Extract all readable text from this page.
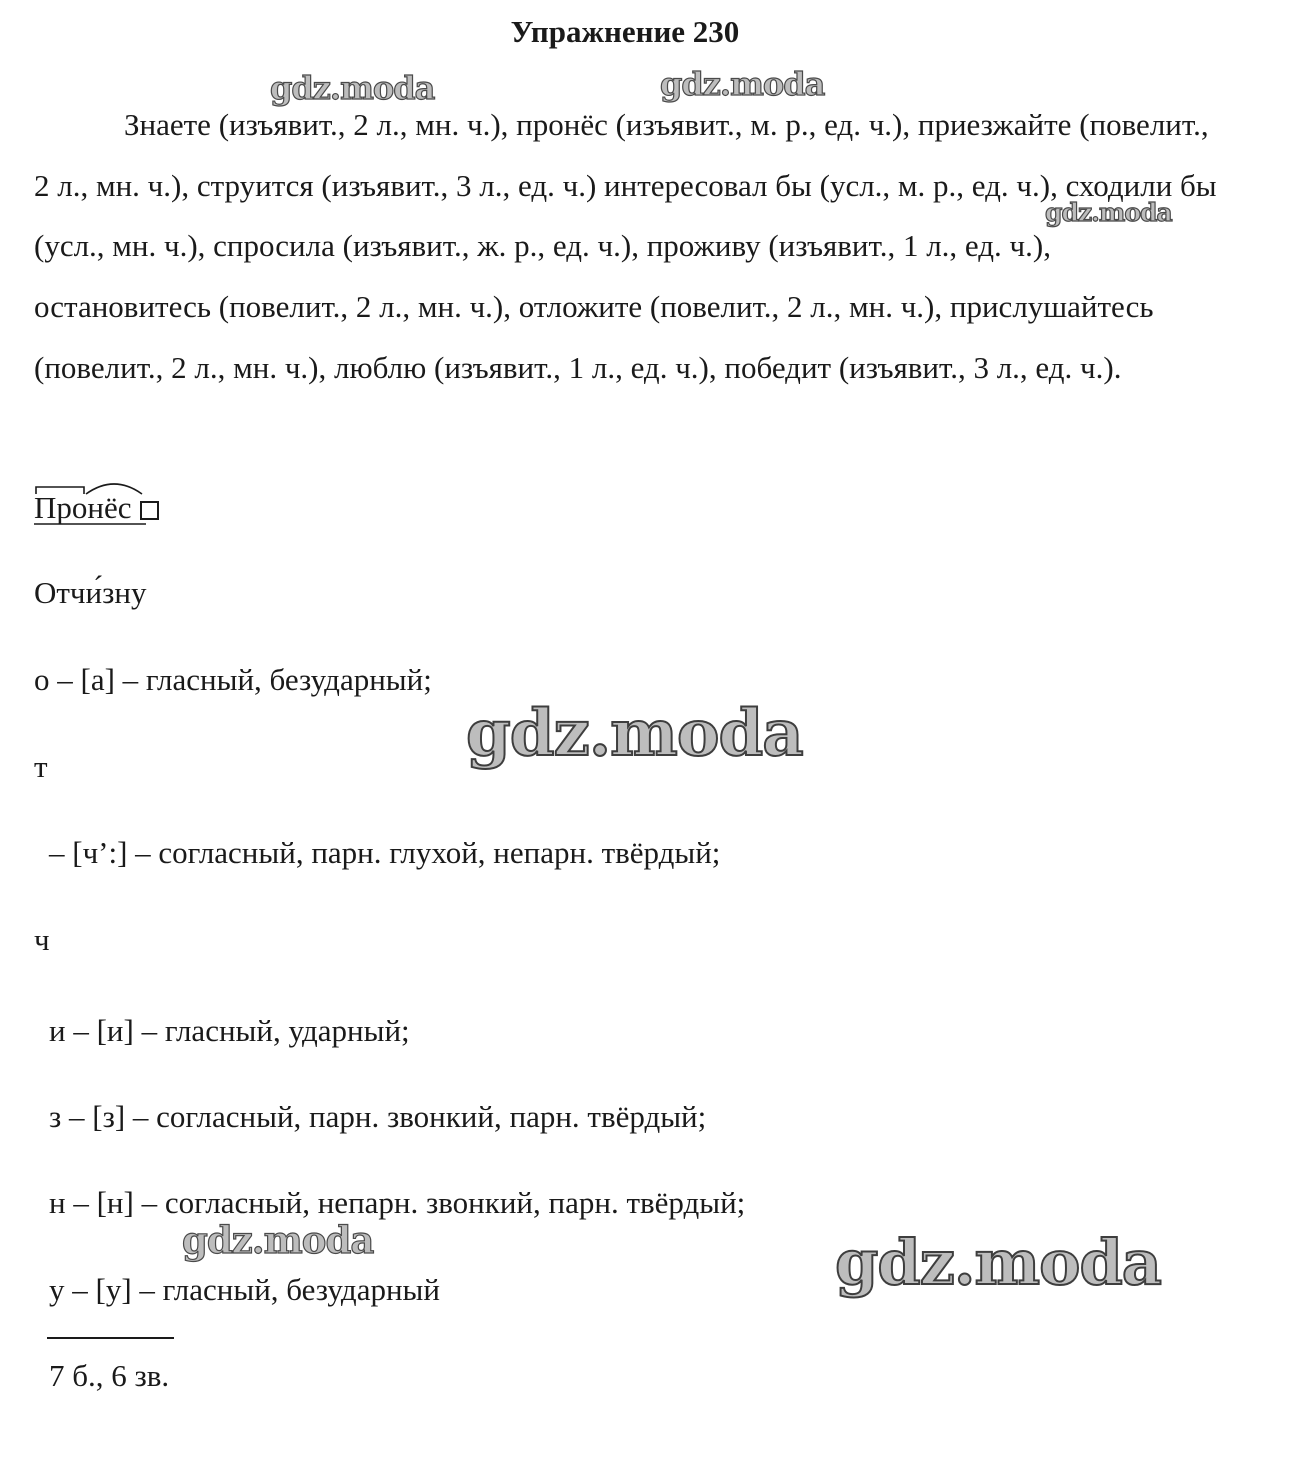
Упражнение 230

Знаете (изъявит., 2 л., мн. ч.), пронёс (изъявит., м. р., ед. ч.), приезжайте (повелит., 2 л., мн. ч.), струится (изъявит., 3 л., ед. ч.) интересовал бы (усл., м. р., ед. ч.), сходили бы (усл., мн. ч.), спросила (изъявит., ж. р., ед. ч.), проживу (изъявит., 1 л., ед. ч.), остановитесь (повелит., 2 л., мн. ч.), отложите (повелит., 2 л., мн. ч.), прислушайтесь (повелит., 2 л., мн. ч.), люблю (изъявит., 1 л., ед. ч.), победит (изъявит., 3 л., ед. ч.).

Пронёс
Отчи́зну
о – [а] – гласный, безударный;
т
– [ч’:] – согласный, парн. глухой, непарн. твёрдый;
ч
и – [и] – гласный, ударный;
з – [з] – согласный, парн. звонкий, парн. твёрдый;
н – [н] – согласный, непарн. звонкий, парн. твёрдый;
у – [у] – гласный, безударный
7 б., 6 зв.
gdz.moda	gdz.moda
gdz.moda
gdz.moda
gdz.moda	gdz.moda
